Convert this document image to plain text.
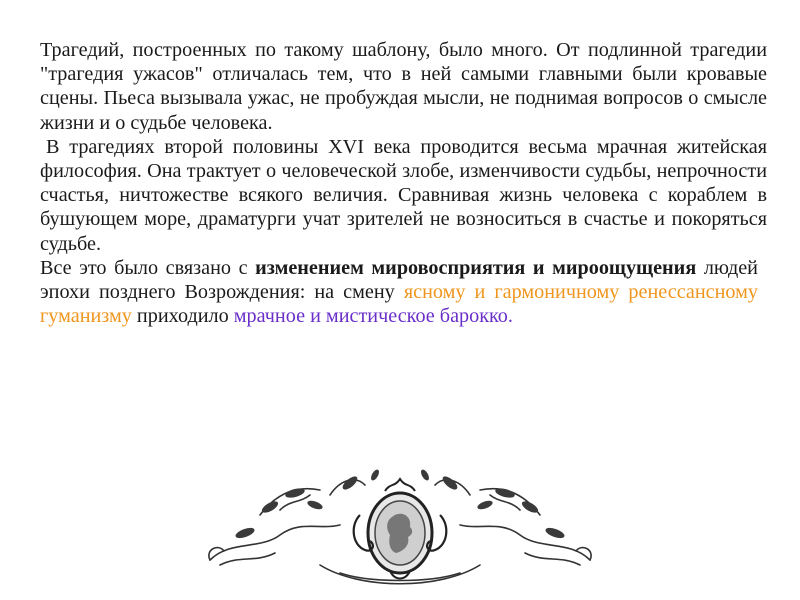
Трагедий, построенных по такому шаблону, было много. От подлинной трагедии "трагедия ужасов" отличалась тем, что в ней самыми главными были кровавые сцены. Пьеса вызывала ужас, не пробуждая мысли, не поднимая вопросов о смысле жизни и о судьбе человека.

В трагедиях второй половины XVI века проводится весьма мрачная житейская философия. Она трактует о человеческой злобе, изменчивости судьбы, непрочности счастья, ничтожестве всякого величия. Сравнивая жизнь человека с кораблем в бушующем море, драматурги учат зрителей не возноситься в счастье и покоряться судьбе.

Все это было связано с изменением мировосприятия и мироощущения людей эпохи позднего Возрождения: на смену ясному и гармоничному ренессансному гуманизму приходило мрачное и мистическое барокко.
